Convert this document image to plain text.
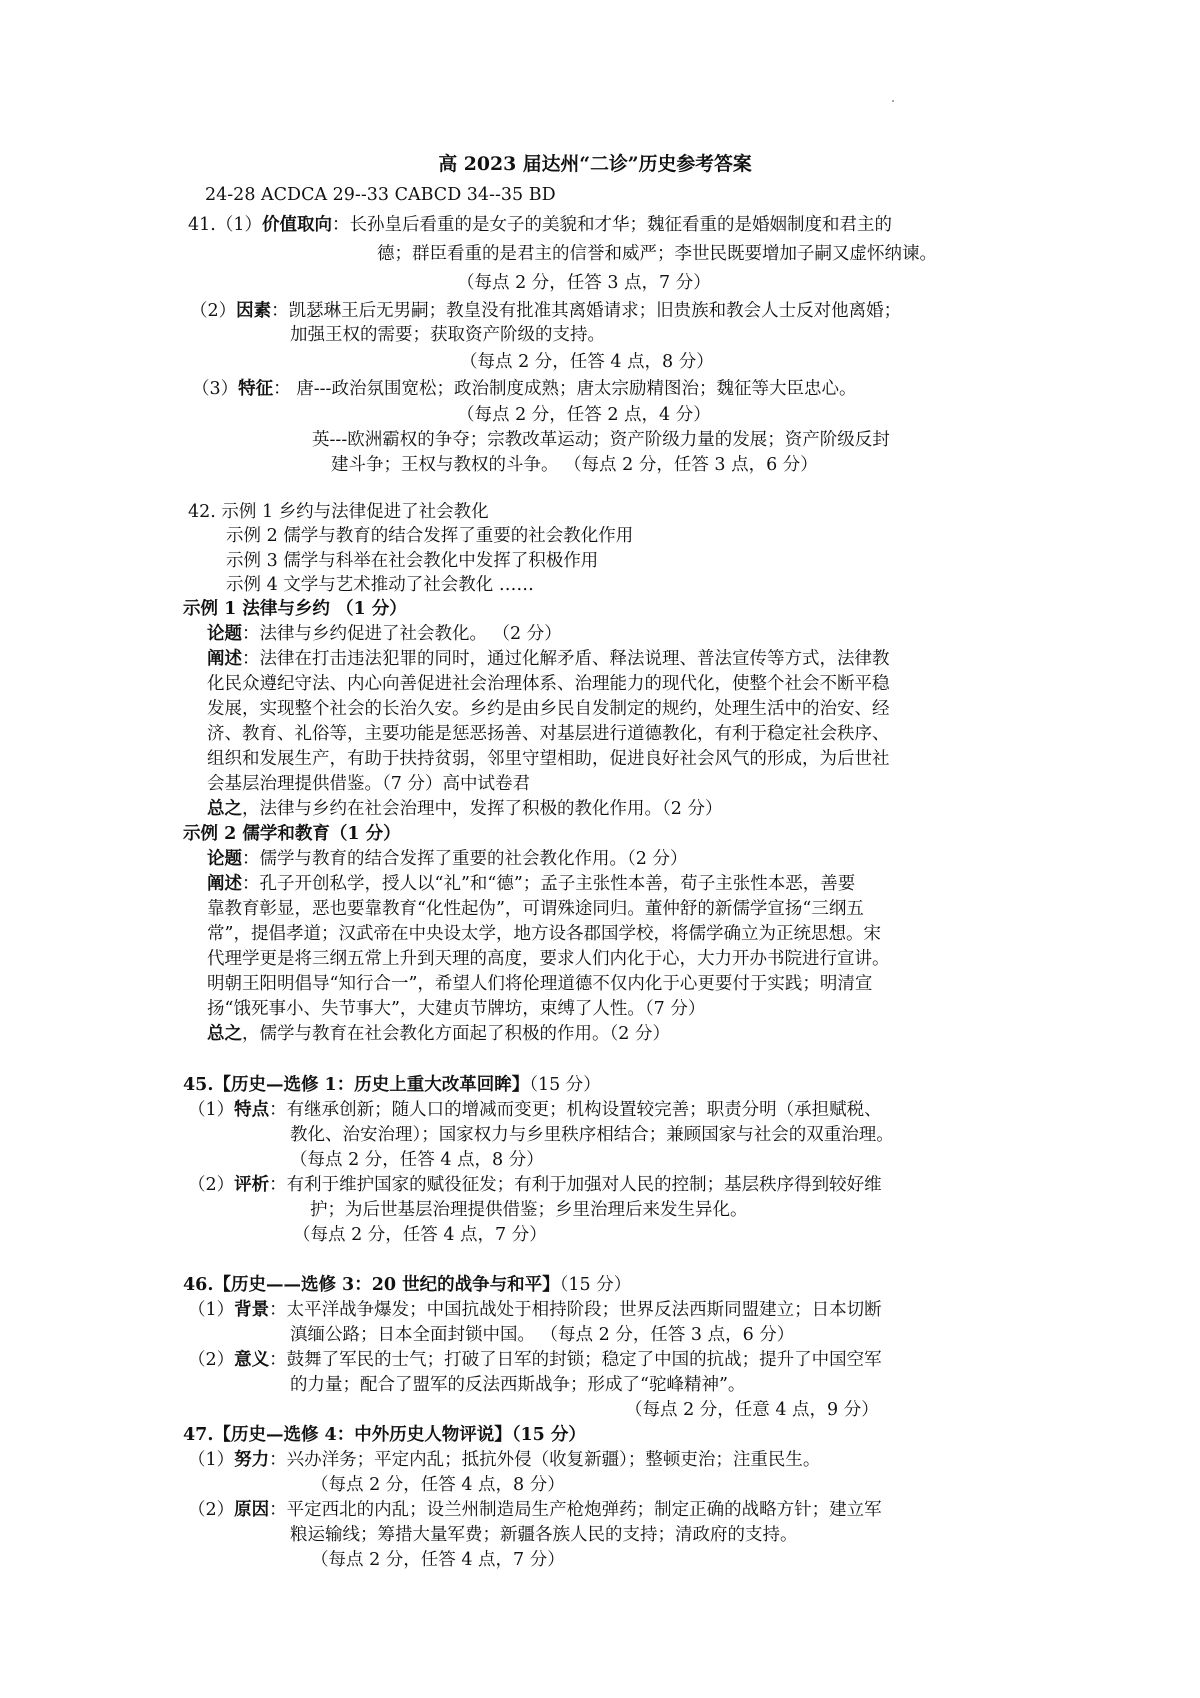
高 2023 届达州“二诊”历史参考答案
24-28 ACDCA 29--33 CABCD 34--35 BD
41.（1）价值取向：长孙皇后看重的是女子的美貌和才华；魏征看重的是婚姻制度和君主的
德；群臣看重的是君主的信誉和威严；李世民既要增加子嗣又虚怀纳谏。
（每点 2 分，任答 3 点，7 分）
（2）因素：凯瑟琳王后无男嗣；教皇没有批准其离婚请求；旧贵族和教会人士反对他离婚；
加强王权的需要；获取资产阶级的支持。
（每点 2 分，任答 4 点，8 分）
（3）特征： 唐---政治氛围宽松；政治制度成熟；唐太宗励精图治；魏征等大臣忠心。
（每点 2 分，任答 2 点，4 分）
英---欧洲霸权的争夺；宗教改革运动；资产阶级力量的发展；资产阶级反封
建斗争；王权与教权的斗争。 （每点 2 分，任答 3 点，6 分）
42. 示例 1 乡约与法律促进了社会教化
示例 2 儒学与教育的结合发挥了重要的社会教化作用
示例 3 儒学与科举在社会教化中发挥了积极作用
示例 4 文学与艺术推动了社会教化 ……
示例 1 法律与乡约 （1 分）
论题：法律与乡约促进了社会教化。 （2 分）
阐述：法律在打击违法犯罪的同时，通过化解矛盾、释法说理、普法宣传等方式，法律教
化民众遵纪守法、内心向善促进社会治理体系、治理能力的现代化，使整个社会不断平稳
发展，实现整个社会的长治久安。乡约是由乡民自发制定的规约，处理生活中的治安、经
济、教育、礼俗等，主要功能是惩恶扬善、对基层进行道德教化，有利于稳定社会秩序、
组织和发展生产，有助于扶持贫弱，邻里守望相助，促进良好社会风气的形成，为后世社
会基层治理提供借鉴。（7 分）高中试卷君
总之，法律与乡约在社会治理中，发挥了积极的教化作用。（2 分）
示例 2 儒学和教育（1 分）
论题：儒学与教育的结合发挥了重要的社会教化作用。（2 分）
阐述：孔子开创私学，授人以“礼”和“德”；孟子主张性本善，荀子主张性本恶，善要
靠教育彰显，恶也要靠教育“化性起伪”，可谓殊途同归。董仲舒的新儒学宣扬“三纲五
常”，提倡孝道；汉武帝在中央设太学，地方设各郡国学校，将儒学确立为正统思想。宋
代理学更是将三纲五常上升到天理的高度，要求人们内化于心，大力开办书院进行宣讲。
明朝王阳明倡导“知行合一”，希望人们将伦理道德不仅内化于心更要付于实践；明清宣
扬“饿死事小、失节事大”，大建贞节牌坊，束缚了人性。（7 分）
总之，儒学与教育在社会教化方面起了积极的作用。（2 分）
45.【历史—选修 1：历史上重大改革回眸】（15 分）
（1）特点：有继承创新；随人口的增减而变更；机构设置较完善；职责分明（承担赋税、
教化、治安治理）；国家权力与乡里秩序相结合；兼顾国家与社会的双重治理。
（每点 2 分，任答 4 点，8 分）
（2）评析：有利于维护国家的赋役征发；有利于加强对人民的控制；基层秩序得到较好维
护；为后世基层治理提供借鉴；乡里治理后来发生异化。
（每点 2 分，任答 4 点，7 分）
46.【历史——选修 3：20 世纪的战争与和平】（15 分）
（1）背景：太平洋战争爆发；中国抗战处于相持阶段；世界反法西斯同盟建立；日本切断
滇缅公路；日本全面封锁中国。 （每点 2 分，任答 3 点，6 分）
（2）意义：鼓舞了军民的士气；打破了日军的封锁；稳定了中国的抗战；提升了中国空军
的力量；配合了盟军的反法西斯战争；形成了“驼峰精神”。
（每点 2 分，任意 4 点，9 分）
47.【历史—选修 4：中外历史人物评说】（15 分）
（1）努力：兴办洋务；平定内乱；抵抗外侵（收复新疆）；整顿吏治；注重民生。
（每点 2 分，任答 4 点，8 分）
（2）原因：平定西北的内乱；设兰州制造局生产枪炮弹药；制定正确的战略方针；建立军
粮运输线；筹措大量军费；新疆各族人民的支持；清政府的支持。
（每点 2 分，任答 4 点，7 分）
